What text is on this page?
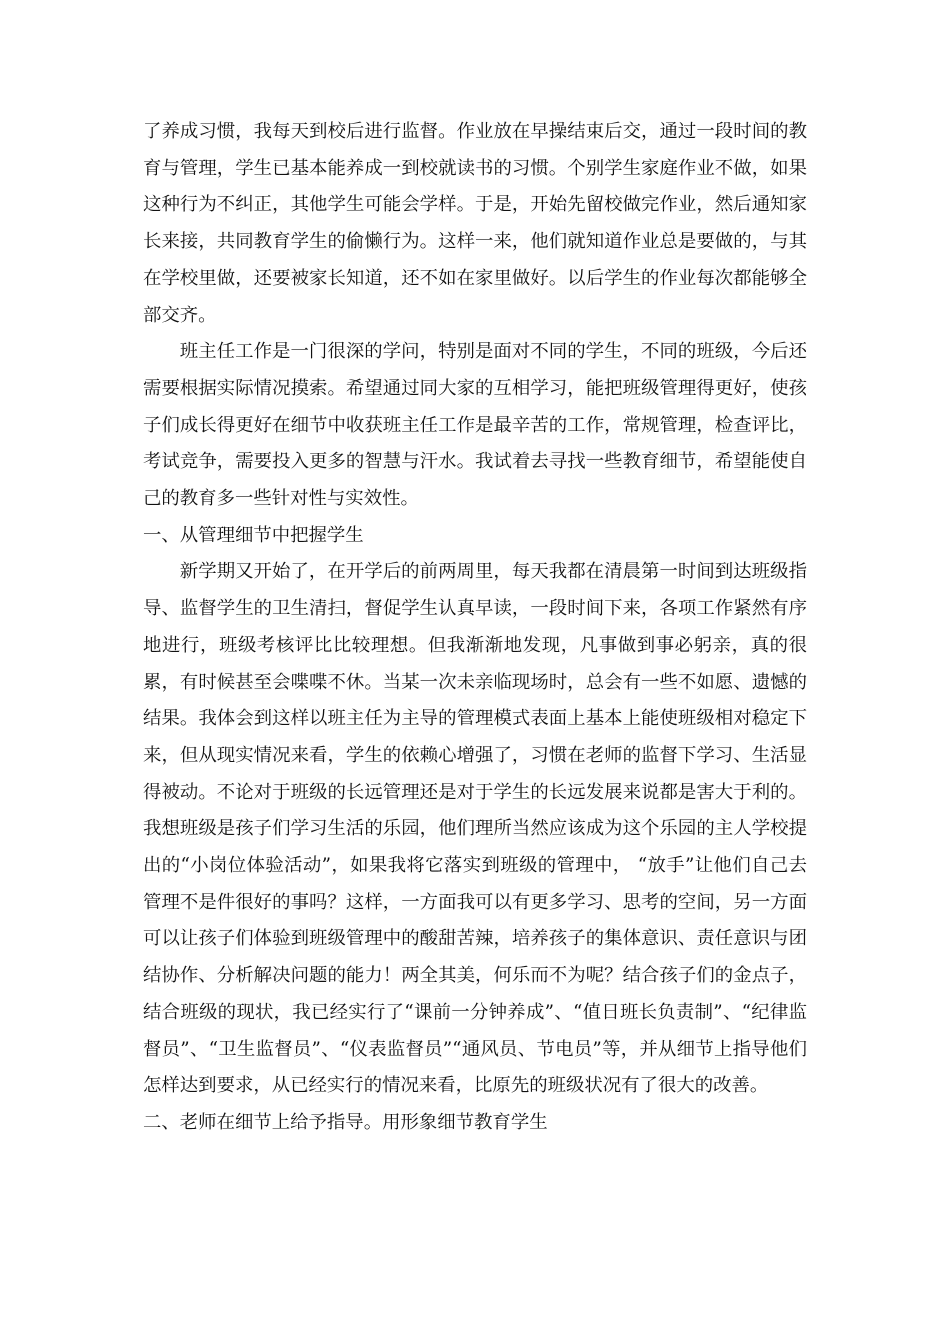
了养成习惯，我每天到校后进行监督。作业放在早操结束后交，通过一段时间的教育与管理，学生已基本能养成一到校就读书的习惯。个别学生家庭作业不做，如果这种行为不纠正，其他学生可能会学样。于是，开始先留校做完作业，然后通知家长来接，共同教育学生的偷懒行为。这样一来，他们就知道作业总是要做的，与其在学校里做，还要被家长知道，还不如在家里做好。以后学生的作业每次都能够全部交齐。

班主任工作是一门很深的学问，特别是面对不同的学生，不同的班级，今后还需要根据实际情况摸索。希望通过同大家的互相学习，能把班级管理得更好，使孩子们成长得更好在细节中收获班主任工作是最辛苦的工作，常规管理，检查评比，考试竞争，需要投入更多的智慧与汗水。我试着去寻找一些教育细节，希望能使自己的教育多一些针对性与实效性。

一、从管理细节中把握学生

新学期又开始了，在开学后的前两周里，每天我都在清晨第一时间到达班级指导、监督学生的卫生清扫，督促学生认真早读，一段时间下来，各项工作紧然有序地进行，班级考核评比比较理想。但我渐渐地发现，凡事做到事必躬亲，真的很累，有时候甚至会喋喋不休。当某一次未亲临现场时，总会有一些不如愿、遗憾的结果。我体会到这样以班主任为主导的管理模式表面上基本上能使班级相对稳定下来，但从现实情况来看，学生的依赖心增强了，习惯在老师的监督下学习、生活显得被动。不论对于班级的长远管理还是对于学生的长远发展来说都是害大于利的。我想班级是孩子们学习生活的乐园，他们理所当然应该成为这个乐园的主人学校提出的“小岗位体验活动”，如果我将它落实到班级的管理中， “放手”让他们自己去管理不是件很好的事吗？这样，一方面我可以有更多学习、思考的空间，另一方面可以让孩子们体验到班级管理中的酸甜苦辣，培养孩子的集体意识、责任意识与团结协作、分析解决问题的能力！两全其美，何乐而不为呢？结合孩子们的金点子，结合班级的现状，我已经实行了“课前一分钟养成”、“值日班长负责制”、“纪律监督员”、“卫生监督员”、“仪表监督员”“通风员、节电员”等，并从细节上指导他们怎样达到要求，从已经实行的情况来看，比原先的班级状况有了很大的改善。

二、老师在细节上给予指导。用形象细节教育学生
